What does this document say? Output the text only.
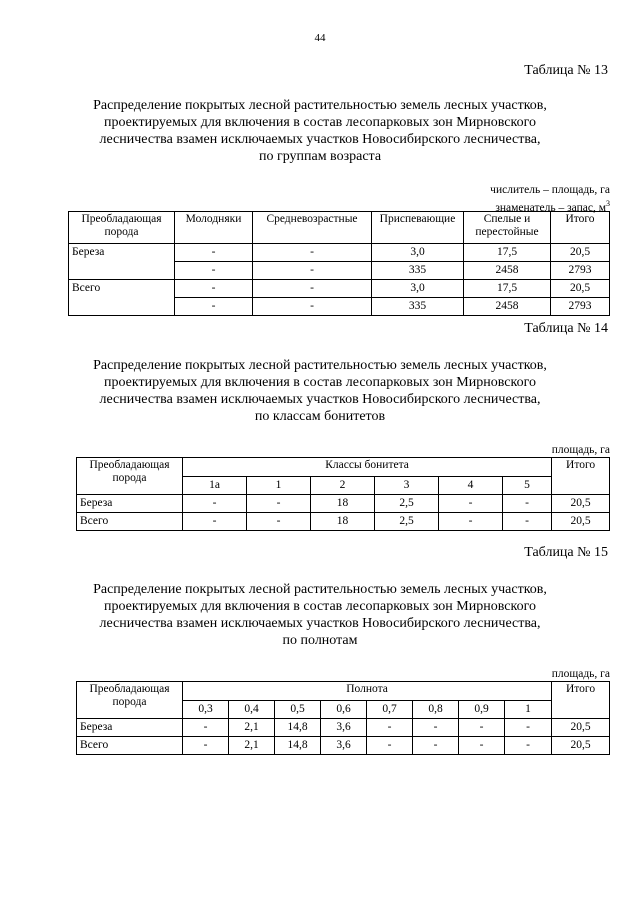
44
Таблица № 13
Распределение покрытых лесной растительностью земель лесных участков,
проектируемых для включения в состав лесопарковых зон Мирновского
лесничества взамен исключаемых участков Новосибирского лесничества,
по группам возраста
числитель – площадь, га
знаменатель – запас, $м^3$
Преобладающая порода	Молодняки	Средневозрастные	Приспевающие	Спелые и перестойные	Итого
Береза	-	-	3,0	17,5	20,5
	-	-	335	2458	2793
Всего	-	-	3,0	17,5	20,5
	-	-	335	2458	2793
Таблица № 14
Распределение покрытых лесной растительностью земель лесных участков,
проектируемых для включения в состав лесопарковых зон Мирновского
лесничества взамен исключаемых участков Новосибирского лесничества,
по классам бонитетов
площадь, га
Преобладающая порода	Классы бонитета						Итого
	1а	1	2	3	4	5	
Береза	-	-	18	2,5	-	-	20,5
Всего	-	-	18	2,5	-	-	20,5
Таблица № 15
Распределение покрытых лесной растительностью земель лесных участков,
проектируемых для включения в состав лесопарковых зон Мирновского
лесничества взамен исключаемых участков Новосибирского лесничества,
по полнотам
площадь, га
Преобладающая порода	Полнота								Итого
	0,3	0,4	0,5	0,6	0,7	0,8	0,9	1	
Береза	-	2,1	14,8	3,6	-	-	-	-	20,5
Всего	-	2,1	14,8	3,6	-	-	-	-	20,5
